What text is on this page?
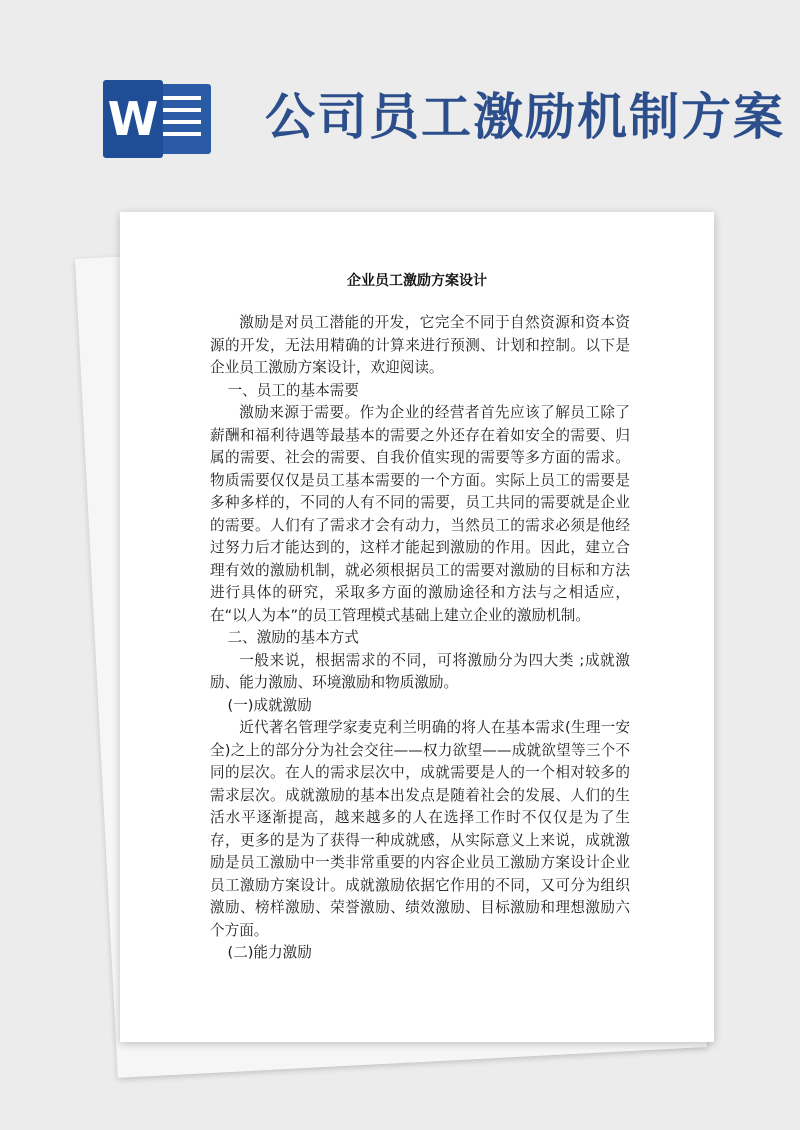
W 公司员工激励机制方案
企业员工激励方案设计

激励是对员工潜能的开发，它完全不同于自然资源和资本资源的开发，无法用精确的计算来进行预测、计划和控制。以下是企业员工激励方案设计，欢迎阅读。

一、员工的基本需要

激励来源于需要。作为企业的经营者首先应该了解员工除了薪酬和福利待遇等最基本的需要之外还存在着如安全的需要、归属的需要、社会的需要、自我价值实现的需要等多方面的需求。物质需要仅仅是员工基本需要的一个方面。实际上员工的需要是多种多样的，不同的人有不同的需要，员工共同的需要就是企业的需要。人们有了需求才会有动力，当然员工的需求必须是他经过努力后才能达到的，这样才能起到激励的作用。因此，建立合理有效的激励机制，就必须根据员工的需要对激励的目标和方法进行具体的研究，采取多方面的激励途径和方法与之相适应，在“以人为本”的员工管理模式基础上建立企业的激励机制。

二、激励的基本方式

一般来说，根据需求的不同，可将激励分为四大类 ;成就激励、能力激励、环境激励和物质激励。

(一)成就激励

近代著名管理学家麦克利兰明确的将人在基本需求(生理一安全)之上的部分分为社会交往——权力欲望——成就欲望等三个不同的层次。在人的需求层次中，成就需要是人的一个相对较多的需求层次。成就激励的基本出发点是随着社会的发展、人们的生活水平逐渐提高，越来越多的人在选择工作时不仅仅是为了生存，更多的是为了获得一种成就感，从实际意义上来说，成就激励是员工激励中一类非常重要的内容企业员工激励方案设计企业员工激励方案设计。成就激励依据它作用的不同，又可分为组织激励、榜样激励、荣誉激励、绩效激励、目标激励和理想激励六个方面。

(二)能力激励
